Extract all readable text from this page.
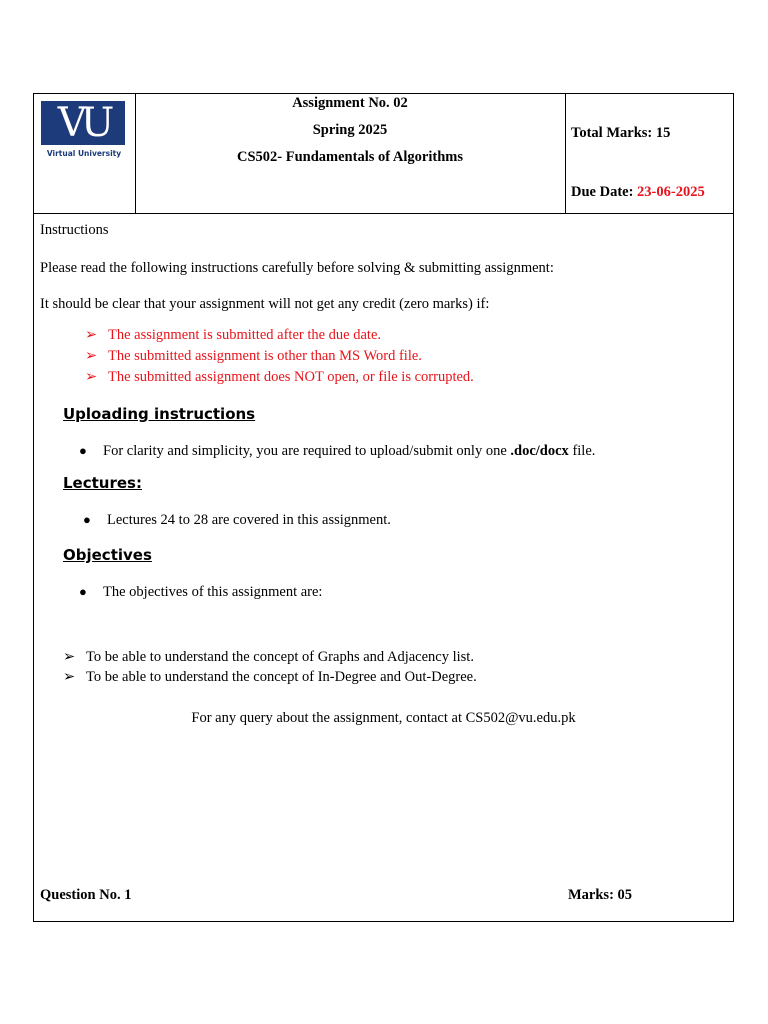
VU
Virtual University
Assignment No. 02
Spring 2025
CS502- Fundamentals of Algorithms
Total Marks: 15
Due Date: 23-06-2025
Instructions
Please read the following instructions carefully before solving & submitting assignment:
It should be clear that your assignment will not get any credit (zero marks) if:
➢ The assignment is submitted after the due date.
➢ The submitted assignment is other than MS Word file.
➢ The submitted assignment does NOT open, or file is corrupted.
Uploading instructions
● For clarity and simplicity, you are required to upload/submit only one .doc/docx file.
Lectures:
● Lectures 24 to 28 are covered in this assignment.
Objectives
● The objectives of this assignment are:
➢ To be able to understand the concept of Graphs and Adjacency list.
➢ To be able to understand the concept of In-Degree and Out-Degree.
For any query about the assignment, contact at CS502@vu.edu.pk
Question No. 1	Marks: 05
